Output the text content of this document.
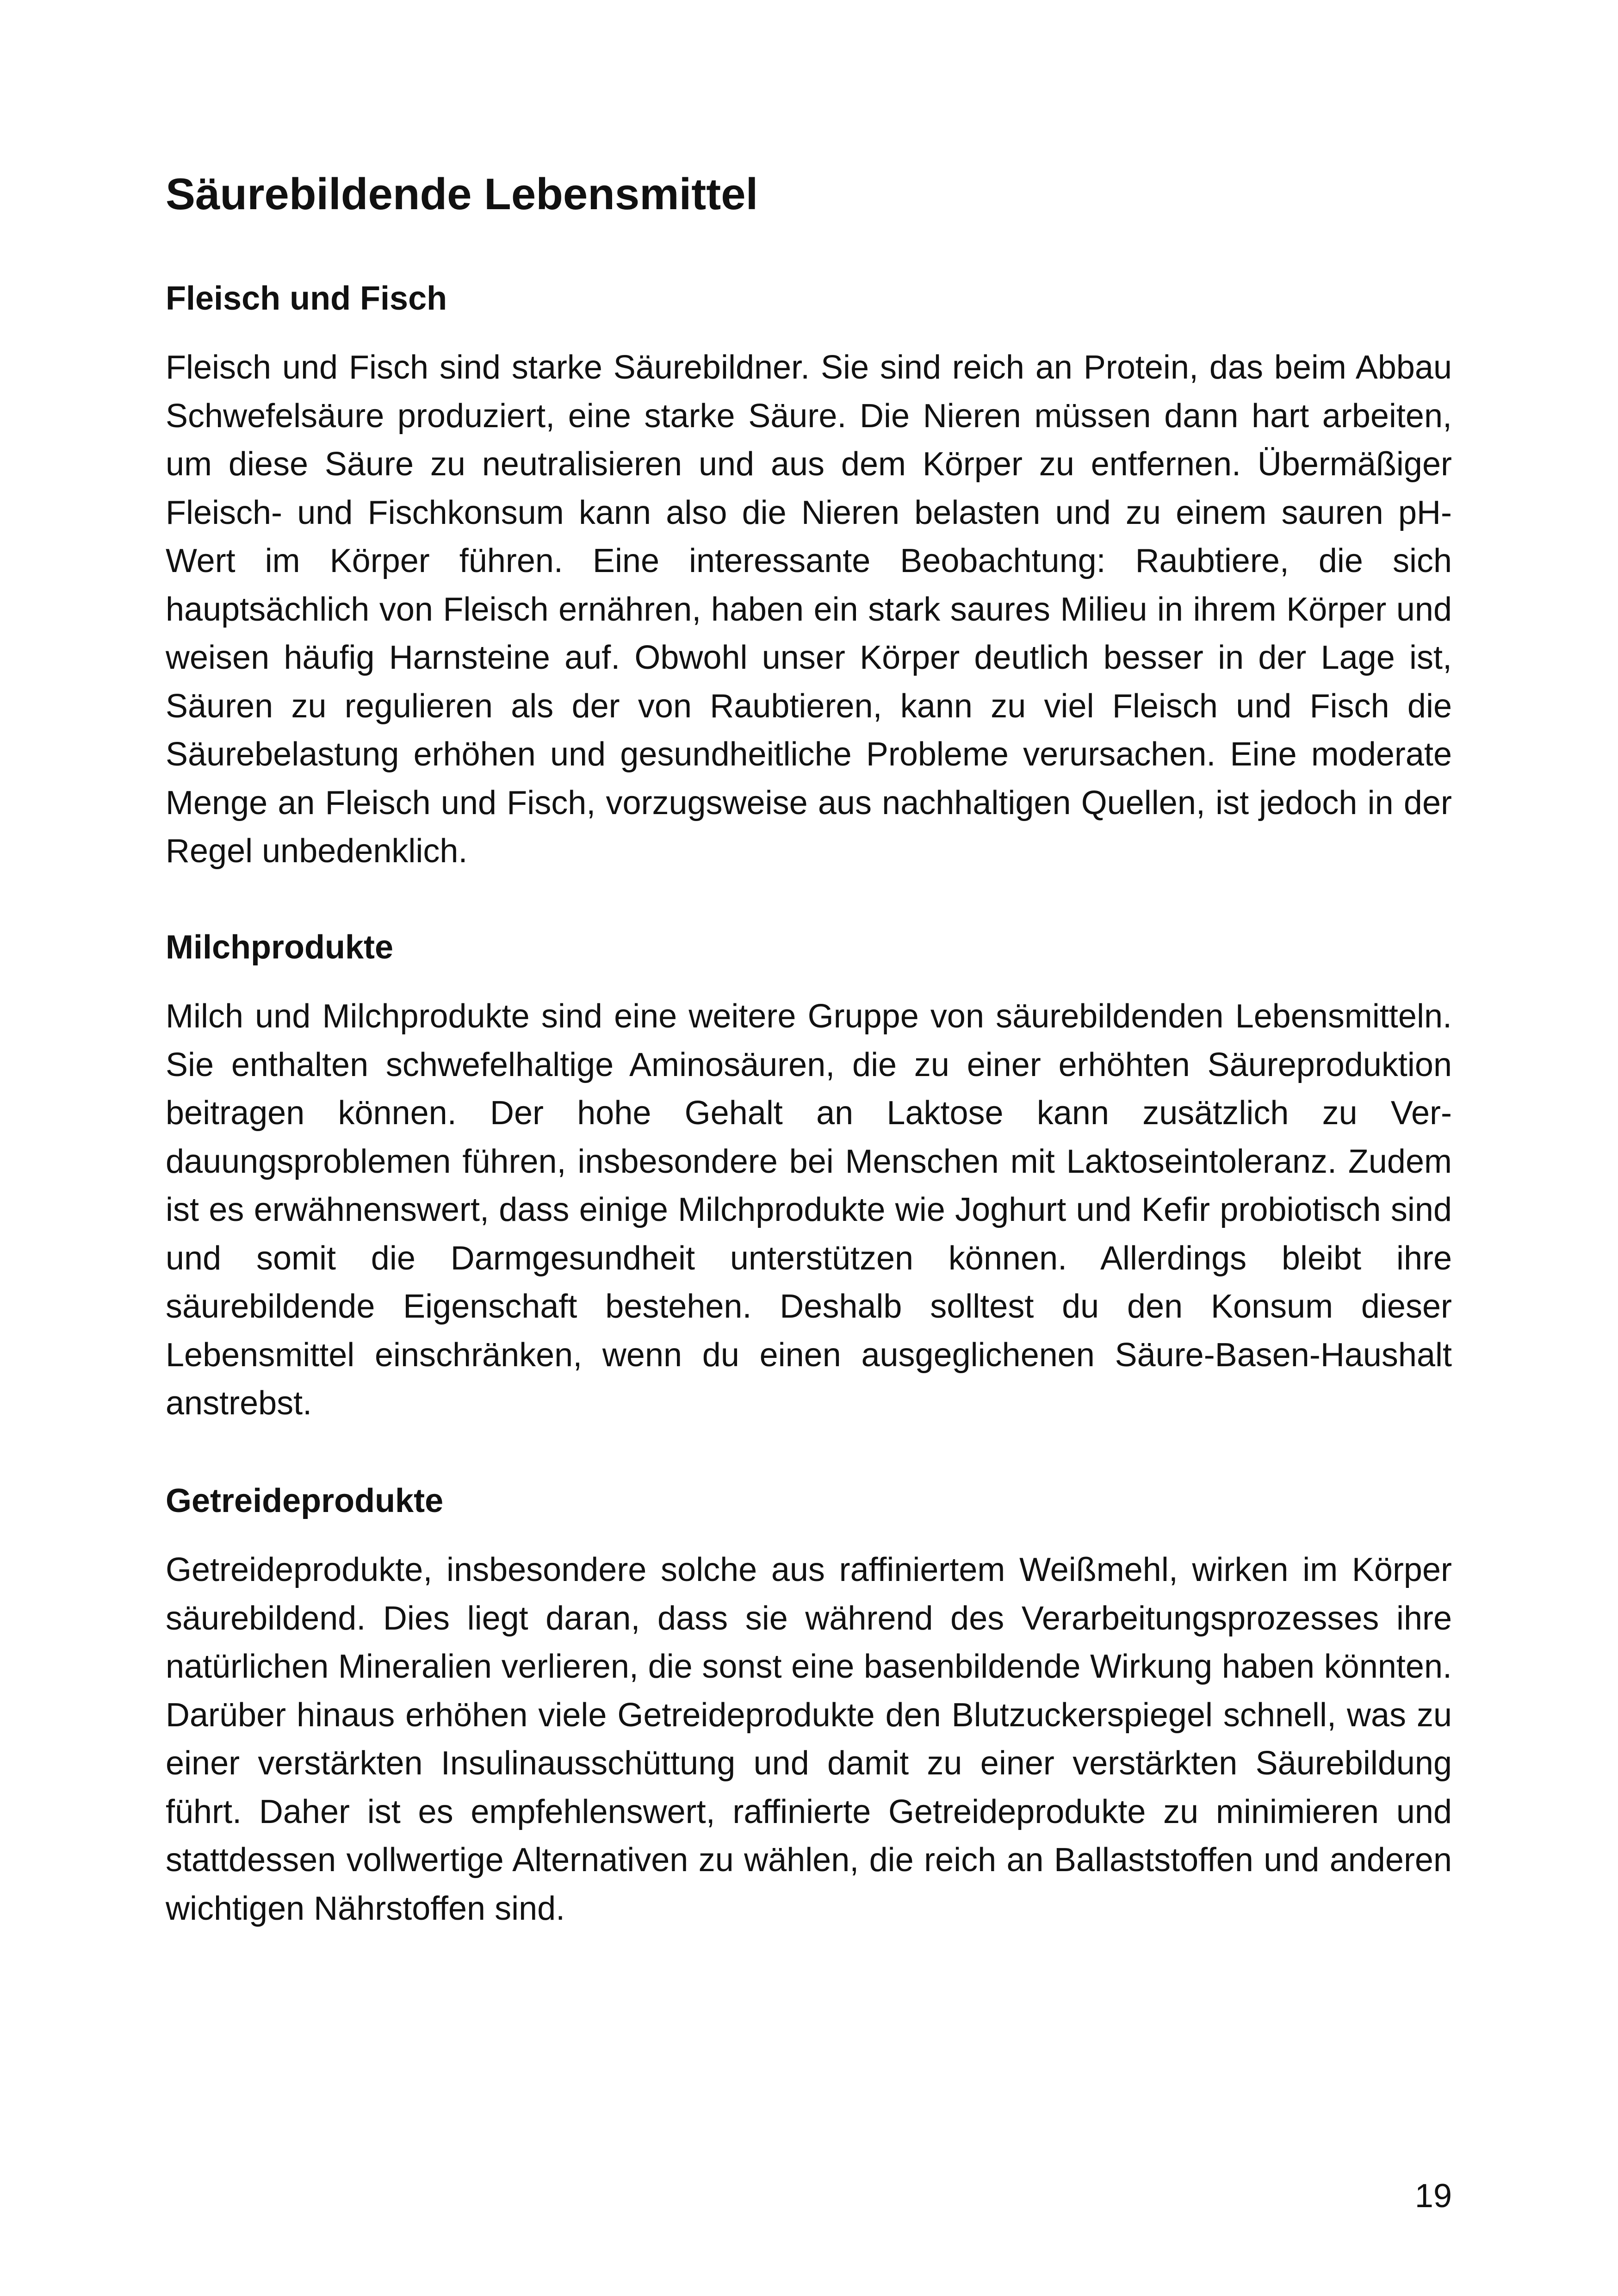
Säurebildende Lebensmittel
Fleisch und Fisch

Fleisch und Fisch sind starke Säurebildner. Sie sind reich an Protein, das beim Abbau Schwefelsäure produziert, eine starke Säure. Die Nieren müssen dann hart arbeiten, um diese Säure zu neutralisieren und aus dem Körper zu entfernen. Übermäßiger Fleisch- und Fischkonsum kann also die Nieren belasten und zu einem sauren pH-Wert im Körper führen. Eine interessante Beobachtung: Raubtiere, die sich hauptsächlich von Fleisch ernähren, haben ein stark saures Milieu in ihrem Körper und weisen häufig Harnsteine auf. Obwohl unser Körper deutlich besser in der Lage ist, Säuren zu regulieren als der von Raubtieren, kann zu viel Fleisch und Fisch die Säurebelastung erhöhen und gesundheitliche Probleme verursachen. Eine moderate Menge an Fleisch und Fisch, vorzugsweise aus nachhaltigen Quellen, ist jedoch in der Regel unbedenklich.

Milchprodukte

Milch und Milchprodukte sind eine weitere Gruppe von säurebildenden Lebensmitteln. Sie enthalten schwefelhaltige Aminosäuren, die zu einer erhöhten Säureproduktion beitragen können. Der hohe Gehalt an Laktose kann zusätzlich zu Verdauungsproblemen führen, insbesondere bei Menschen mit Laktoseintoleranz. Zudem ist es erwähnenswert, dass einige Milchprodukte wie Joghurt und Kefir probiotisch sind und somit die Darmgesundheit unterstützen können. Allerdings bleibt ihre säurebildende Eigenschaft bestehen. Deshalb solltest du den Konsum dieser Lebensmittel einschränken, wenn du einen ausgeglichenen Säure-Basen-Haushalt anstrebst.

Getreideprodukte

Getreideprodukte, insbesondere solche aus raffiniertem Weißmehl, wirken im Körper säurebildend. Dies liegt daran, dass sie während des Verarbeitungsprozesses ihre natürlichen Mineralien verlieren, die sonst eine basenbildende Wirkung haben könnten. Darüber hinaus erhöhen viele Getreideprodukte den Blutzuckerspiegel schnell, was zu einer verstärkten Insulinausschüttung und damit zu einer verstärkten Säurebildung führt. Daher ist es empfehlenswert, raffinierte Getreideprodukte zu minimieren und stattdessen vollwertige Alternativen zu wählen, die reich an Ballaststoffen und anderen wichtigen Nährstoffen sind.

19
